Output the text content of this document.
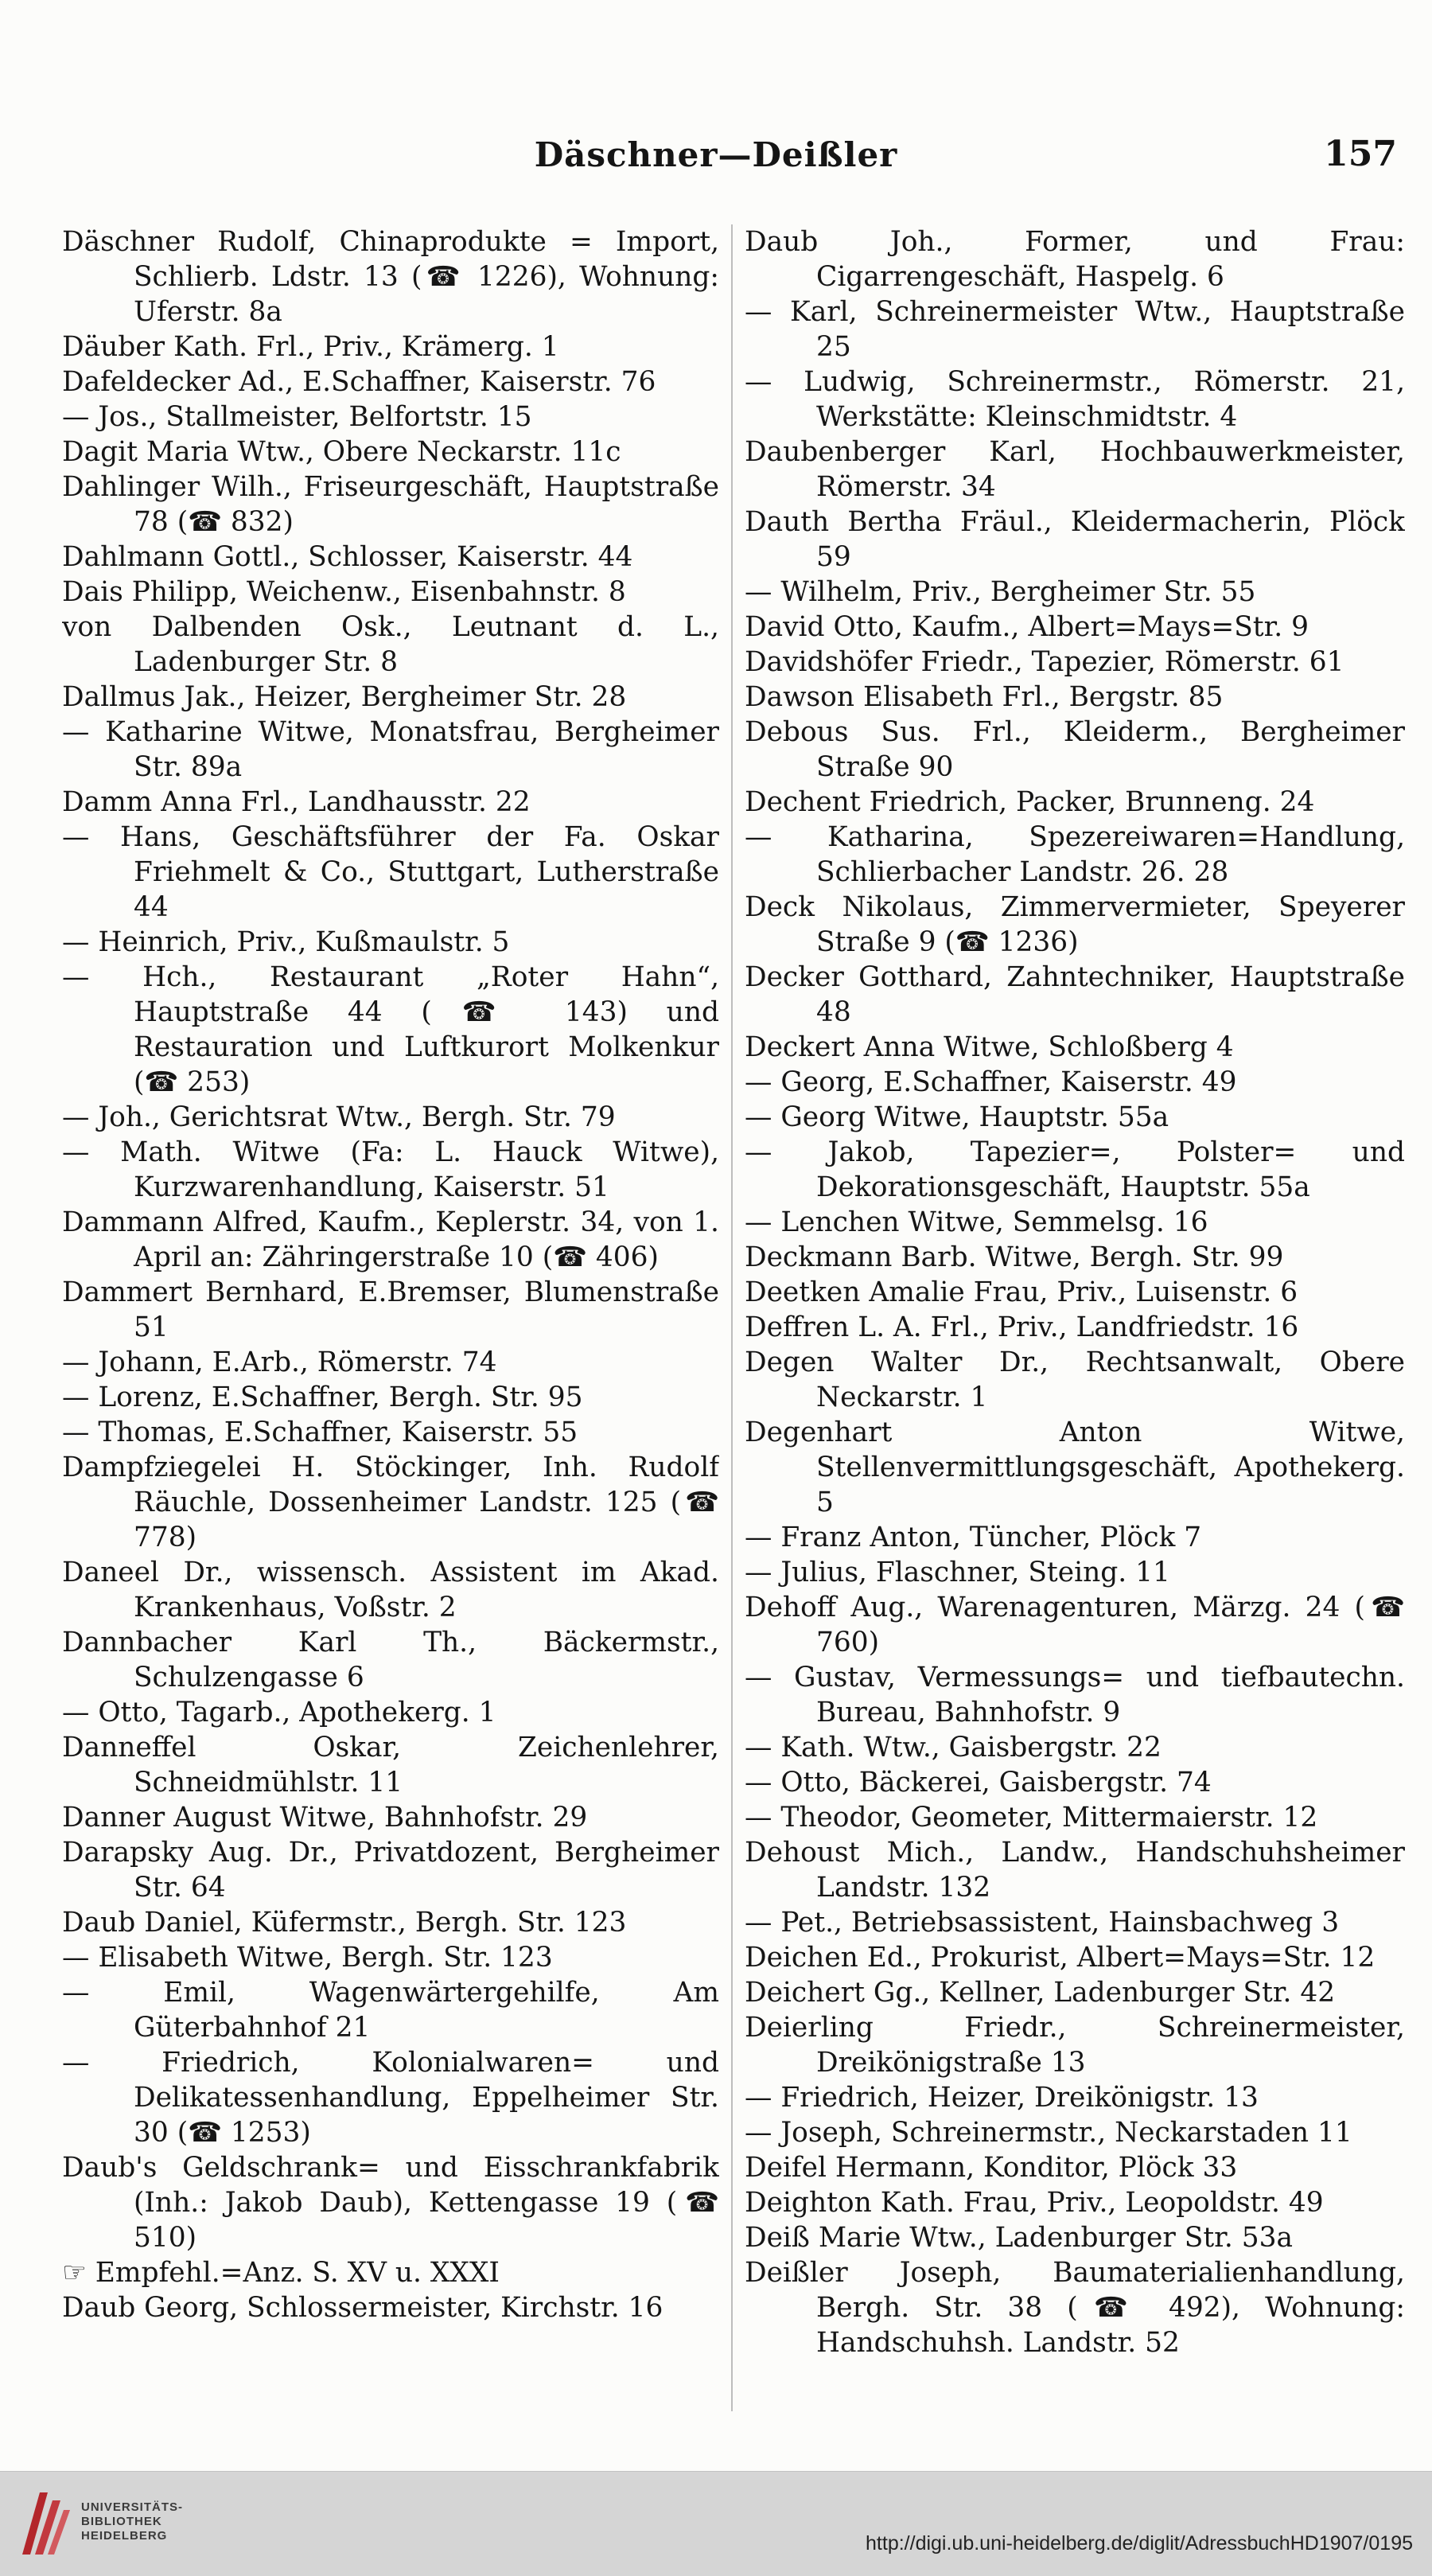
Däschner—Deißler	157

Däschner Rudolf, Chinaprodukte = Import, Schlierb. Ldstr. 13 (☎ 1226), Wohnung: Uferstr. 8a

Däuber Kath. Frl., Priv., Krämerg. 1

Dafeldecker Ad., E.Schaffner, Kaiserstr. 76

— Jos., Stallmeister, Belfortstr. 15

Dagit Maria Wtw., Obere Neckarstr. 11c

Dahlinger Wilh., Friseurgeschäft, Hauptstraße 78 (☎ 832)

Dahlmann Gottl., Schlosser, Kaiserstr. 44

Dais Philipp, Weichenw., Eisenbahnstr. 8

von Dalbenden Osk., Leutnant d. L., Ladenburger Str. 8

Dallmus Jak., Heizer, Bergheimer Str. 28

— Katharine Witwe, Monatsfrau, Bergheimer Str. 89a

Damm Anna Frl., Landhausstr. 22

— Hans, Geschäftsführer der Fa. Oskar Friehmelt & Co., Stuttgart, Lutherstraße 44

— Heinrich, Priv., Kußmaulstr. 5

— Hch., Restaurant „Roter Hahn“, Hauptstraße 44 (☎ 143) und Restauration und Luftkurort Molkenkur (☎ 253)

— Joh., Gerichtsrat Wtw., Bergh. Str. 79

— Math. Witwe (Fa: L. Hauck Witwe), Kurzwarenhandlung, Kaiserstr. 51

Dammann Alfred, Kaufm., Keplerstr. 34, von 1. April an: Zähringerstraße 10 (☎ 406)

Dammert Bernhard, E.Bremser, Blumenstraße 51

— Johann, E.Arb., Römerstr. 74

— Lorenz, E.Schaffner, Bergh. Str. 95

— Thomas, E.Schaffner, Kaiserstr. 55

Dampfziegelei H. Stöckinger, Inh. Rudolf Räuchle, Dossenheimer Landstr. 125 (☎ 778)

Daneel Dr., wissensch. Assistent im Akad. Krankenhaus, Voßstr. 2

Dannbacher Karl Th., Bäckermstr., Schulzengasse 6

— Otto, Tagarb., Apothekerg. 1

Danneffel Oskar, Zeichenlehrer, Schneidmühlstr. 11

Danner August Witwe, Bahnhofstr. 29

Darapsky Aug. Dr., Privatdozent, Bergheimer Str. 64

Daub Daniel, Küfermstr., Bergh. Str. 123

— Elisabeth Witwe, Bergh. Str. 123

— Emil, Wagenwärtergehilfe, Am Güterbahnhof 21

— Friedrich, Kolonialwaren= und Delikatessenhandlung, Eppelheimer Str. 30 (☎ 1253)

Daub's Geldschrank= und Eisschrankfabrik (Inh.: Jakob Daub), Kettengasse 19 (☎ 510)

☞ Empfehl.=Anz. S. XV u. XXXI

Daub Georg, Schlossermeister, Kirchstr. 16

Daub Joh., Former, und Frau: Cigarrengeschäft, Haspelg. 6

— Karl, Schreinermeister Wtw., Hauptstraße 25

— Ludwig, Schreinermstr., Römerstr. 21, Werkstätte: Kleinschmidtstr. 4

Daubenberger Karl, Hochbauwerkmeister, Römerstr. 34

Dauth Bertha Fräul., Kleidermacherin, Plöck 59

— Wilhelm, Priv., Bergheimer Str. 55

David Otto, Kaufm., Albert=Mays=Str. 9

Davidshöfer Friedr., Tapezier, Römerstr. 61

Dawson Elisabeth Frl., Bergstr. 85

Debous Sus. Frl., Kleiderm., Bergheimer Straße 90

Dechent Friedrich, Packer, Brunneng. 24

— Katharina, Spezereiwaren=Handlung, Schlierbacher Landstr. 26. 28

Deck Nikolaus, Zimmervermieter, Speyerer Straße 9 (☎ 1236)

Decker Gotthard, Zahntechniker, Hauptstraße 48

Deckert Anna Witwe, Schloßberg 4

— Georg, E.Schaffner, Kaiserstr. 49

— Georg Witwe, Hauptstr. 55a

— Jakob, Tapezier=, Polster= und Dekorationsgeschäft, Hauptstr. 55a

— Lenchen Witwe, Semmelsg. 16

Deckmann Barb. Witwe, Bergh. Str. 99

Deetken Amalie Frau, Priv., Luisenstr. 6

Deffren L. A. Frl., Priv., Landfriedstr. 16

Degen Walter Dr., Rechtsanwalt, Obere Neckarstr. 1

Degenhart Anton Witwe, Stellenvermittlungsgeschäft, Apothekerg. 5

— Franz Anton, Tüncher, Plöck 7

— Julius, Flaschner, Steing. 11

Dehoff Aug., Warenagenturen, Märzg. 24 (☎ 760)

— Gustav, Vermessungs= und tiefbautechn. Bureau, Bahnhofstr. 9

— Kath. Wtw., Gaisbergstr. 22

— Otto, Bäckerei, Gaisbergstr. 74

— Theodor, Geometer, Mittermaierstr. 12

Dehoust Mich., Landw., Handschuhsheimer Landstr. 132

— Pet., Betriebsassistent, Hainsbachweg 3

Deichen Ed., Prokurist, Albert=Mays=Str. 12

Deichert Gg., Kellner, Ladenburger Str. 42

Deierling Friedr., Schreinermeister, Dreikönigstraße 13

— Friedrich, Heizer, Dreikönigstr. 13

— Joseph, Schreinermstr., Neckarstaden 11

Deifel Hermann, Konditor, Plöck 33

Deighton Kath. Frau, Priv., Leopoldstr. 49

Deiß Marie Wtw., Ladenburger Str. 53a

Deißler Joseph, Baumaterialienhandlung, Bergh. Str. 38 (☎ 492), Wohnung: Handschuhsh. Landstr. 52

UNIVERSITÄTS-
BIBLIOTHEK
HEIDELBERG	http://digi.ub.uni-heidelberg.de/diglit/AdressbuchHD1907/0195
